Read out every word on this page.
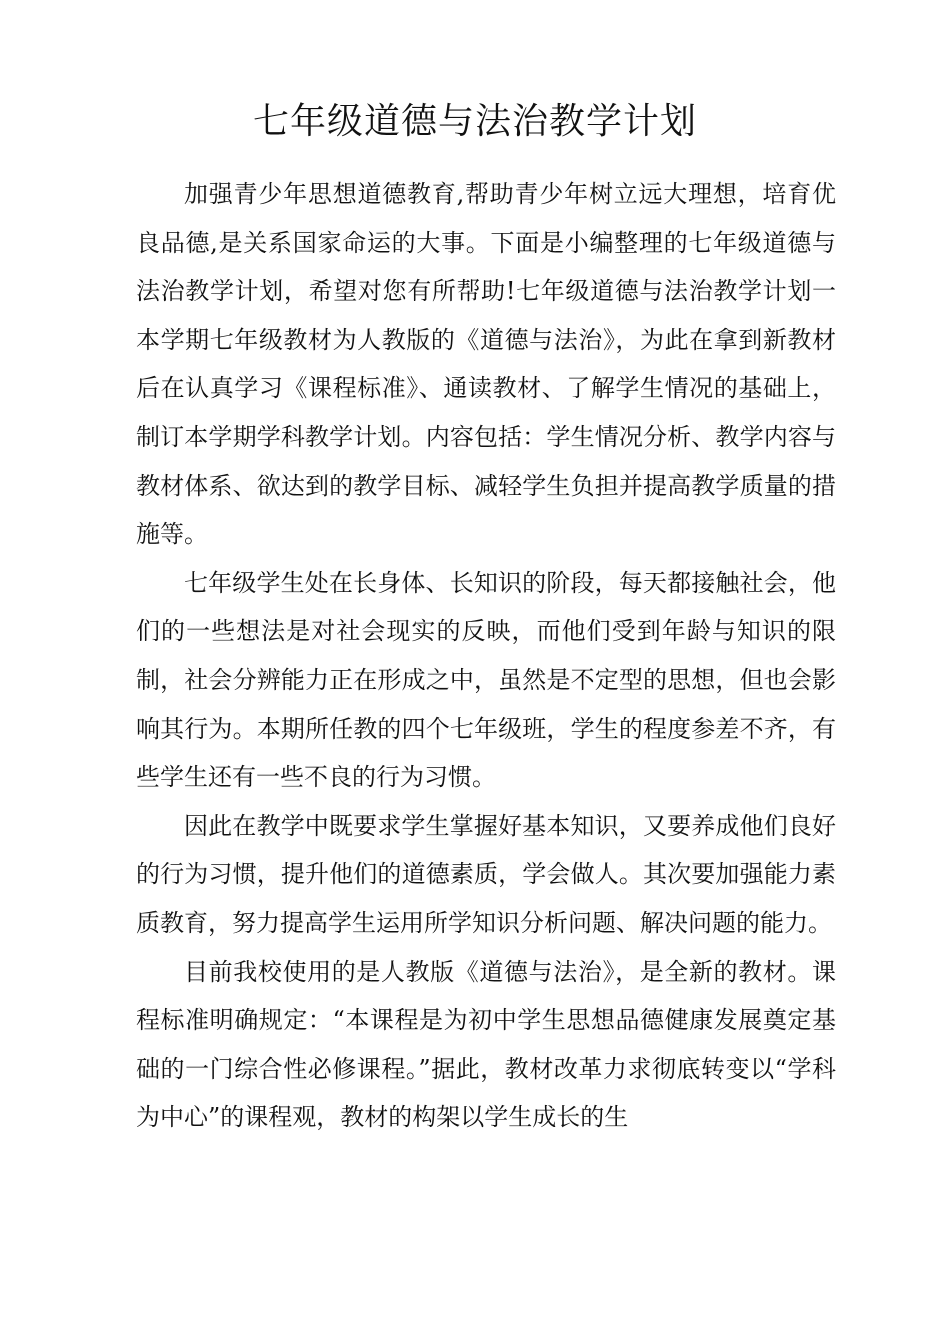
七年级道德与法治教学计划

加强青少年思想道德教育,帮助青少年树立远大理想，培育优良品德,是关系国家命运的大事。下面是小编整理的七年级道德与法治教学计划，希望对您有所帮助!七年级道德与法治教学计划一本学期七年级教材为人教版的《道德与法治》，为此在拿到新教材后在认真学习《课程标准》、通读教材、了解学生情况的基础上，制订本学期学科教学计划。内容包括：学生情况分析、教学内容与教材体系、欲达到的教学目标、减轻学生负担并提高教学质量的措施等。

七年级学生处在长身体、长知识的阶段，每天都接触社会，他们的一些想法是对社会现实的反映，而他们受到年龄与知识的限制，社会分辨能力正在形成之中，虽然是不定型的思想，但也会影响其行为。本期所任教的四个七年级班，学生的程度参差不齐，有些学生还有一些不良的行为习惯。

因此在教学中既要求学生掌握好基本知识，又要养成他们良好的行为习惯，提升他们的道德素质，学会做人。其次要加强能力素质教育，努力提高学生运用所学知识分析问题、解决问题的能力。

目前我校使用的是人教版《道德与法治》，是全新的教材。课程标准明确规定：“本课程是为初中学生思想品德健康发展奠定基础的一门综合性必修课程。”据此，教材改革力求彻底转变以“学科为中心”的课程观，教材的构架以学生成长的生
